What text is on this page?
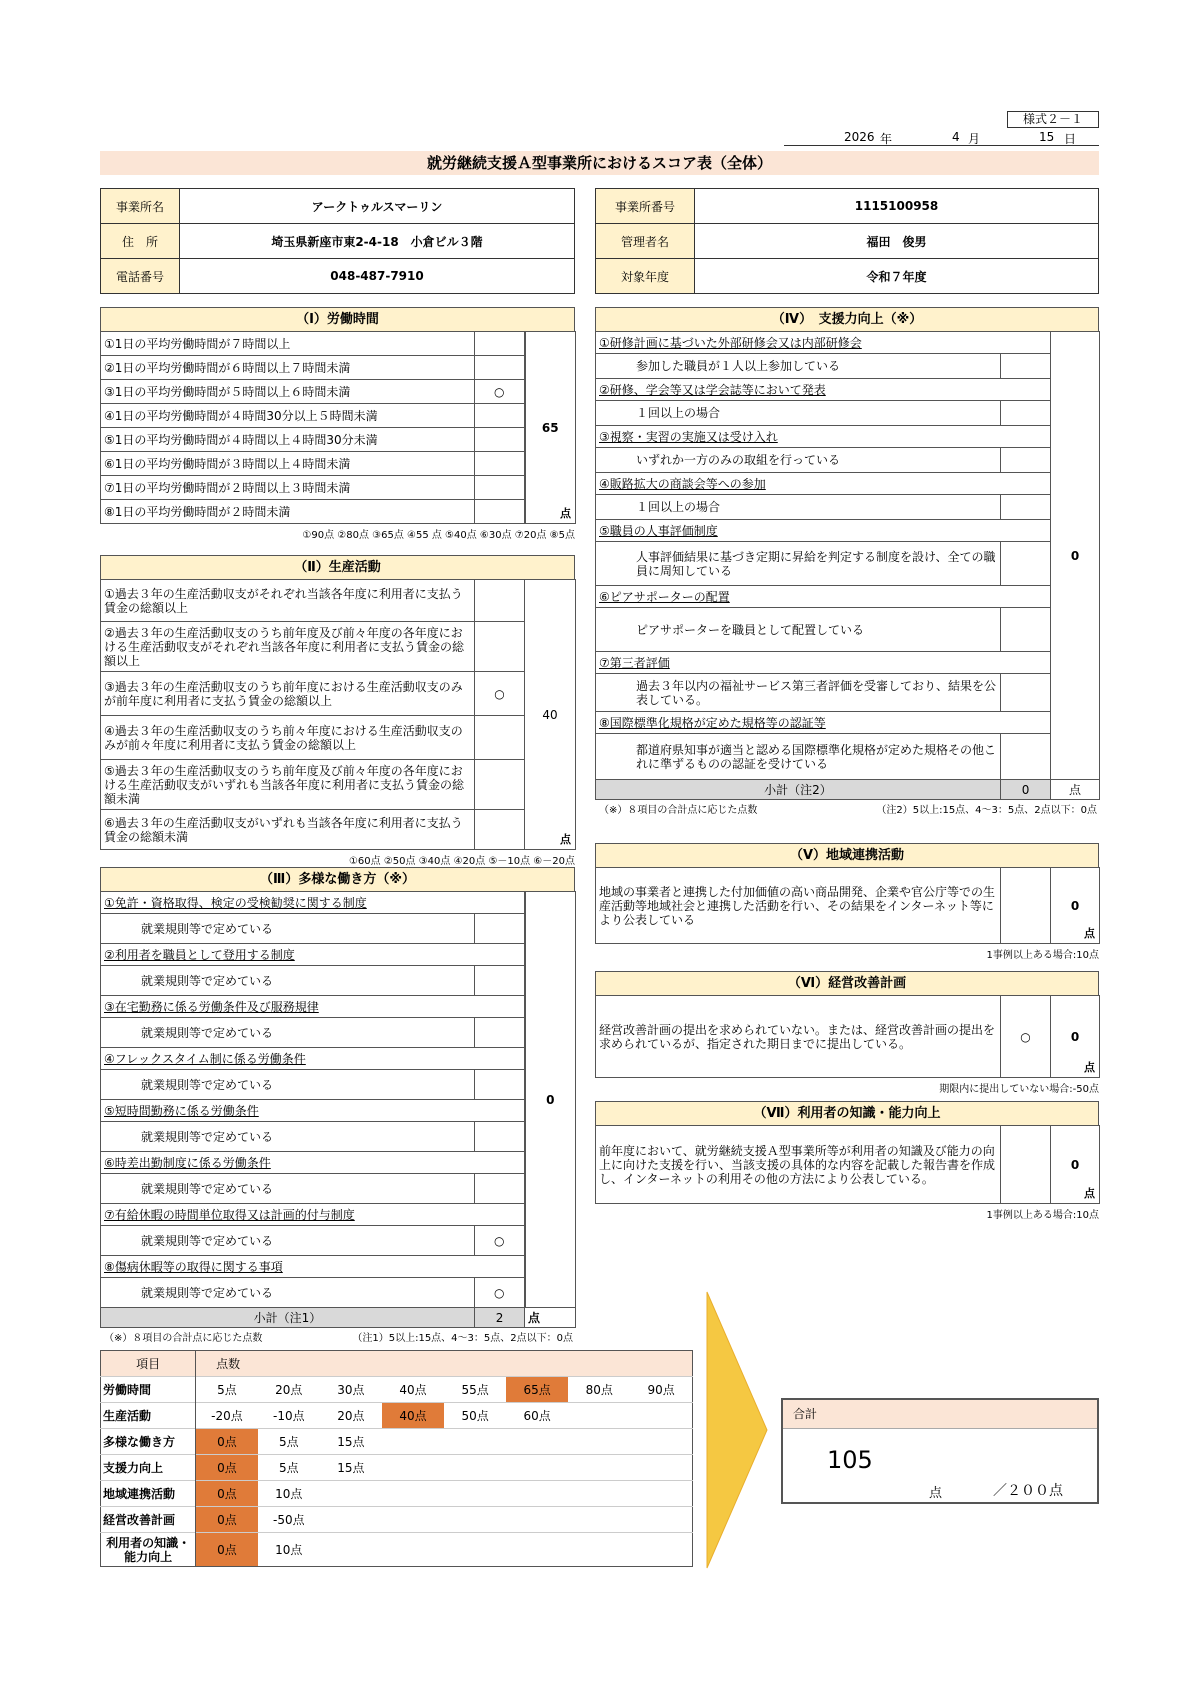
様式２－１
2026 年	4 月	15 日
就労継続支援Ａ型事業所におけるスコア表（全体）
事業所名	アークトゥルスマーリン
住　所	埼玉県新座市東2-4-18　小倉ビル３階
電話番号	048-487-7910
事業所番号	1115100958
管理者名	福田　俊男
対象年度	令和７年度
（Ⅰ）労働時間
①1日の平均労働時間が７時間以上		65
点

②1日の平均労働時間が６時間以上７時間未満		
③1日の平均労働時間が５時間以上６時間未満	○	
④1日の平均労働時間が４時間30分以上５時間未満		
⑤1日の平均労働時間が４時間以上４時間30分未満		
⑥1日の平均労働時間が３時間以上４時間未満		
⑦1日の平均労働時間が２時間以上３時間未満		
⑧1日の平均労働時間が２時間未満		
①90点 ②80点 ③65点 ④55 点 ⑤40点 ⑥30点 ⑦20点 ⑧5点
（Ⅱ）生産活動
①過去３年の生産活動収支がそれぞれ当該各年度に利用者に支払う賃金の総額以上		40
点

②過去３年の生産活動収支のうち前年度及び前々年度の各年度における生産活動収支がそれぞれ当該各年度に利用者に支払う賃金の総額以上		
③過去３年の生産活動収支のうち前年度における生産活動収支のみが前年度に利用者に支払う賃金の総額以上	○	
④過去３年の生産活動収支のうち前々年度における生産活動収支のみが前々年度に利用者に支払う賃金の総額以上		
⑤過去３年の生産活動収支のうち前年度及び前々年度の各年度における生産活動収支がいずれも当該各年度に利用者に支払う賃金の総額未満		
⑥過去３年の生産活動収支がいずれも当該各年度に利用者に支払う賃金の総額未満		
①60点 ②50点 ③40点 ④20点 ⑤－10点 ⑥－20点
（Ⅲ）多様な働き方（※）
①免許・資格取得、検定の受検勧奨に関する制度		0
就業規則等で定めている		
②利用者を職員として登用する制度		
就業規則等で定めている		
③在宅勤務に係る労働条件及び服務規律		
就業規則等で定めている		
④フレックスタイム制に係る労働条件		
就業規則等で定めている		
⑤短時間勤務に係る労働条件		
就業規則等で定めている		
⑥時差出勤制度に係る労働条件		
就業規則等で定めている		
⑦有給休暇の時間単位取得又は計画的付与制度		
就業規則等で定めている	○	
⑧傷病休暇等の取得に関する事項		
就業規則等で定めている	○	
小計（注1）	2	点
（※）８項目の合計点に応じた点数	（注1）5以上:15点、4～3：5点、2点以下：0点
（Ⅳ）　支援力向上（※）
①研修計画に基づいた外部研修会又は内部研修会		0
参加した職員が１人以上参加している		
②研修、学会等又は学会誌等において発表		
１回以上の場合		
③視察・実習の実施又は受け入れ		
いずれか一方のみの取組を行っている		
④販路拡大の商談会等への参加		
１回以上の場合		
⑤職員の人事評価制度		
人事評価結果に基づき定期に昇給を判定する制度を設け、全ての職員に周知している		
⑥ピアサポーターの配置		
ピアサポーターを職員として配置している		
⑦第三者評価		
過去３年以内の福祉サービス第三者評価を受審しており、結果を公表している。		
⑧国際標準化規格が定めた規格等の認証等		
都道府県知事が適当と認める国際標準化規格が定めた規格その他これに準ずるものの認証を受けている		
小計（注2）	0	点
（※）８項目の合計点に応じた点数	（注2）5以上:15点、4～3：5点、2点以下：0点
（Ⅴ）地域連携活動
地域の事業者と連携した付加価値の高い商品開発、企業や官公庁等での生産活動等地域社会と連携した活動を行い、その結果をインターネット等により公表している		0
点
1事例以上ある場合:10点
（Ⅵ）経営改善計画
経営改善計画の提出を求められていない。または、経営改善計画の提出を求められているが、指定された期日までに提出している。	○	0
点
期限内に提出していない場合:-50点
（Ⅶ）利用者の知識・能力向上
前年度において、就労継続支援Ａ型事業所等が利用者の知識及び能力の向上に向けた支援を行い、当該支援の具体的な内容を記載した報告書を作成し、インターネットの利用その他の方法により公表している。		0
点
1事例以上ある場合:10点
項目	点数							
労働時間	5点	20点	30点	40点	55点	65点	80点	90点
生産活動	-20点	-10点	20点	40点	50点	60点		
多様な働き方	0点	5点	15点					
支援力向上	0点	5点	15点					
地域連携活動	0点	10点						
経営改善計画	0点	-50点						
利用者の知識・能力向上	0点	10点						
合計
105
点	／２００点
